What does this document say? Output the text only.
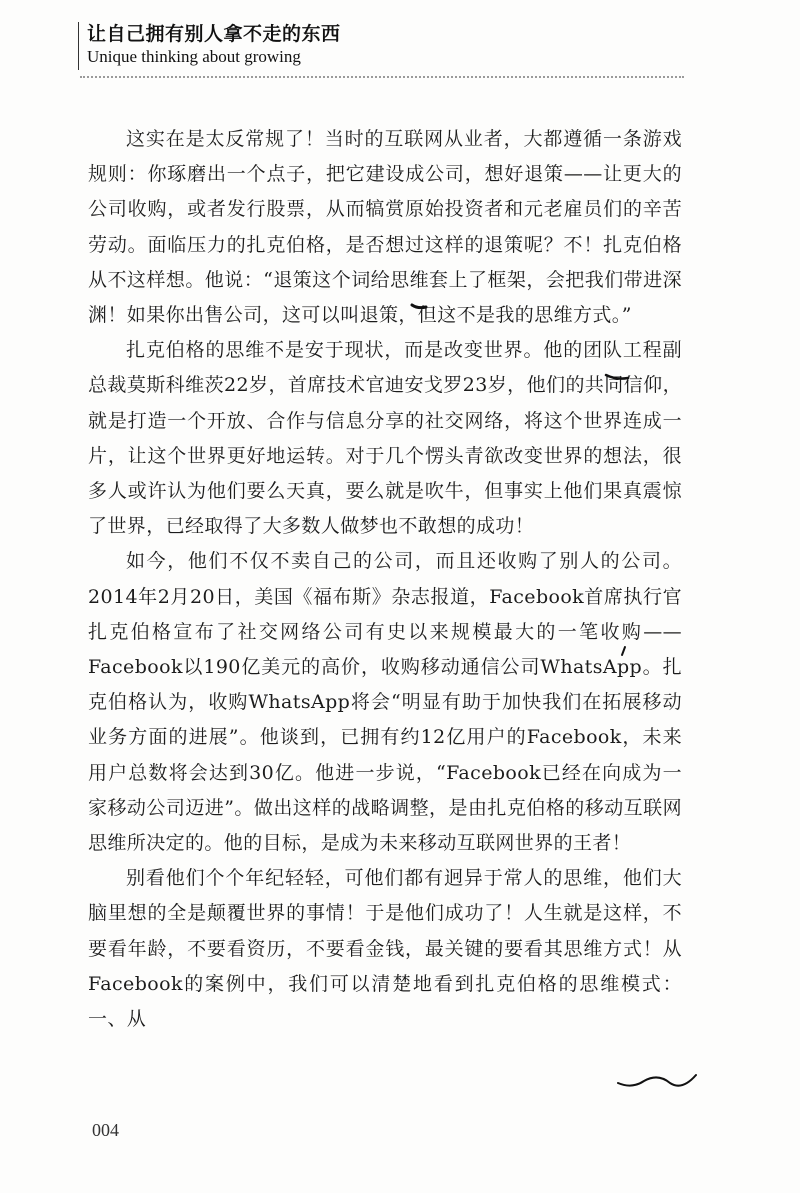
让自己拥有别人拿不走的东西
Unique thinking about growing

这实在是太反常规了！当时的互联网从业者，大都遵循一条游戏规则：你琢磨出一个点子，把它建设成公司，想好退策——让更大的公司收购，或者发行股票，从而犒赏原始投资者和元老雇员们的辛苦劳动。面临压力的扎克伯格，是否想过这样的退策呢？不！扎克伯格从不这样想。他说：“退策这个词给思维套上了框架，会把我们带进深渊！如果你出售公司，这可以叫退策，但这不是我的思维方式。”

扎克伯格的思维不是安于现状，而是改变世界。他的团队工程副总裁莫斯科维茨22岁，首席技术官迪安戈罗23岁，他们的共同信仰，就是打造一个开放、合作与信息分享的社交网络，将这个世界连成一片，让这个世界更好地运转。对于几个愣头青欲改变世界的想法，很多人或许认为他们要么天真，要么就是吹牛，但事实上他们果真震惊了世界，已经取得了大多数人做梦也不敢想的成功！

如今，他们不仅不卖自己的公司，而且还收购了别人的公司。2014年2月20日，美国《福布斯》杂志报道，Facebook首席执行官扎克伯格宣布了社交网络公司有史以来规模最大的一笔收购——Facebook以190亿美元的高价，收购移动通信公司WhatsApp。扎克伯格认为，收购WhatsApp将会“明显有助于加快我们在拓展移动业务方面的进展”。他谈到，已拥有约12亿用户的Facebook，未来用户总数将会达到30亿。他进一步说，“Facebook已经在向成为一家移动公司迈进”。做出这样的战略调整，是由扎克伯格的移动互联网思维所决定的。他的目标，是成为未来移动互联网世界的王者！

别看他们个个年纪轻轻，可他们都有迥异于常人的思维，他们大脑里想的全是颠覆世界的事情！于是他们成功了！人生就是这样，不要看年龄，不要看资历，不要看金钱，最关键的要看其思维方式！从Facebook的案例中，我们可以清楚地看到扎克伯格的思维模式：一、从

004
